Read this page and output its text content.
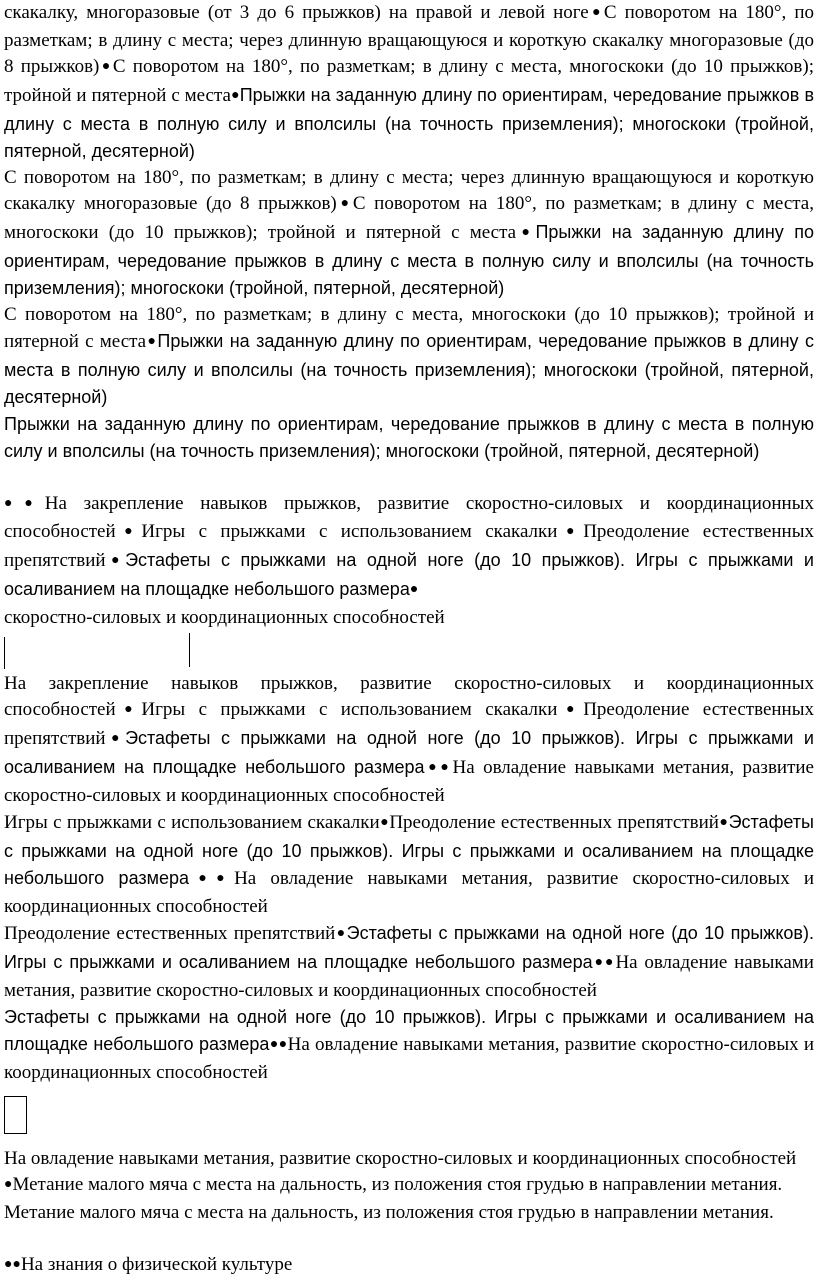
скакалку, многоразовые (от 3 до 6 прыжков) на правой и левой ноге●С поворотом на 180°, по разметкам; в длину с места; через длинную вращающуюся и короткую скакалку многоразовые (до 8 прыжков)●С поворотом на 180°, по разметкам; в длину с места, многоскоки (до 10 прыжков); тройной и пятерной с места●Прыжки на заданную длину по ориентирам, чередование прыжков в длину с места в полную силу и вполсилы (на точность приземления); многоскоки (тройной, пятерной, десятерной)

С поворотом на 180°, по разметкам; в длину с места; через длинную вращающуюся и короткую скакалку многоразовые (до 8 прыжков)●С поворотом на 180°, по разметкам; в длину с места, многоскоки (до 10 прыжков); тройной и пятерной с места●Прыжки на заданную длину по ориентирам, чередование прыжков в длину с места в полную силу и вполсилы (на точность приземления); многоскоки (тройной, пятерной, десятерной)

С поворотом на 180°, по разметкам; в длину с места, многоскоки (до 10 прыжков); тройной и пятерной с места●Прыжки на заданную длину по ориентирам, чередование прыжков в длину с места в полную силу и вполсилы (на точность приземления); многоскоки (тройной, пятерной, десятерной)

Прыжки на заданную длину по ориентирам, чередование прыжков в длину с места в полную силу и вполсилы (на точность приземления); многоскоки (тройной, пятерной, десятерной)

●●На закрепление навыков прыжков, развитие скоростно-силовых и координационных способностей●Игры с прыжками с использованием скакалки●Преодоление естественных препятствий●Эстафеты с прыжками на одной ноге (до 10 прыжков). Игры с прыжками и осаливанием на площадке небольшого размера●
скоростно-силовых и координационных способностей

На закрепление навыков прыжков, развитие скоростно-силовых и координационных способностей●Игры с прыжками с использованием скакалки●Преодоление естественных препятствий●Эстафеты с прыжками на одной ноге (до 10 прыжков). Игры с прыжками и осаливанием на площадке небольшого размера●●На овладение навыками метания, развитие скоростно-силовых и координационных способностей

Игры с прыжками с использованием скакалки●Преодоление естественных препятствий●Эстафеты с прыжками на одной ноге (до 10 прыжков). Игры с прыжками и осаливанием на площадке небольшого размера●●На овладение навыками метания, развитие скоростно-силовых и координационных способностей

Преодоление естественных препятствий●Эстафеты с прыжками на одной ноге (до 10 прыжков). Игры с прыжками и осаливанием на площадке небольшого размера●●На овладение навыками метания, развитие скоростно-силовых и координационных способностей

Эстафеты с прыжками на одной ноге (до 10 прыжков). Игры с прыжками и осаливанием на площадке небольшого размера●●На овладение навыками метания, развитие скоростно-силовых и координационных способностей

На овладение навыками метания, развитие скоростно-силовых и координационных способностей

●Метание малого мяча с места на дальность, из положения стоя грудью в направлении метания.

Метание малого мяча с места на дальность, из положения стоя грудью в направлении метания.

●●На знания о физической культуре
